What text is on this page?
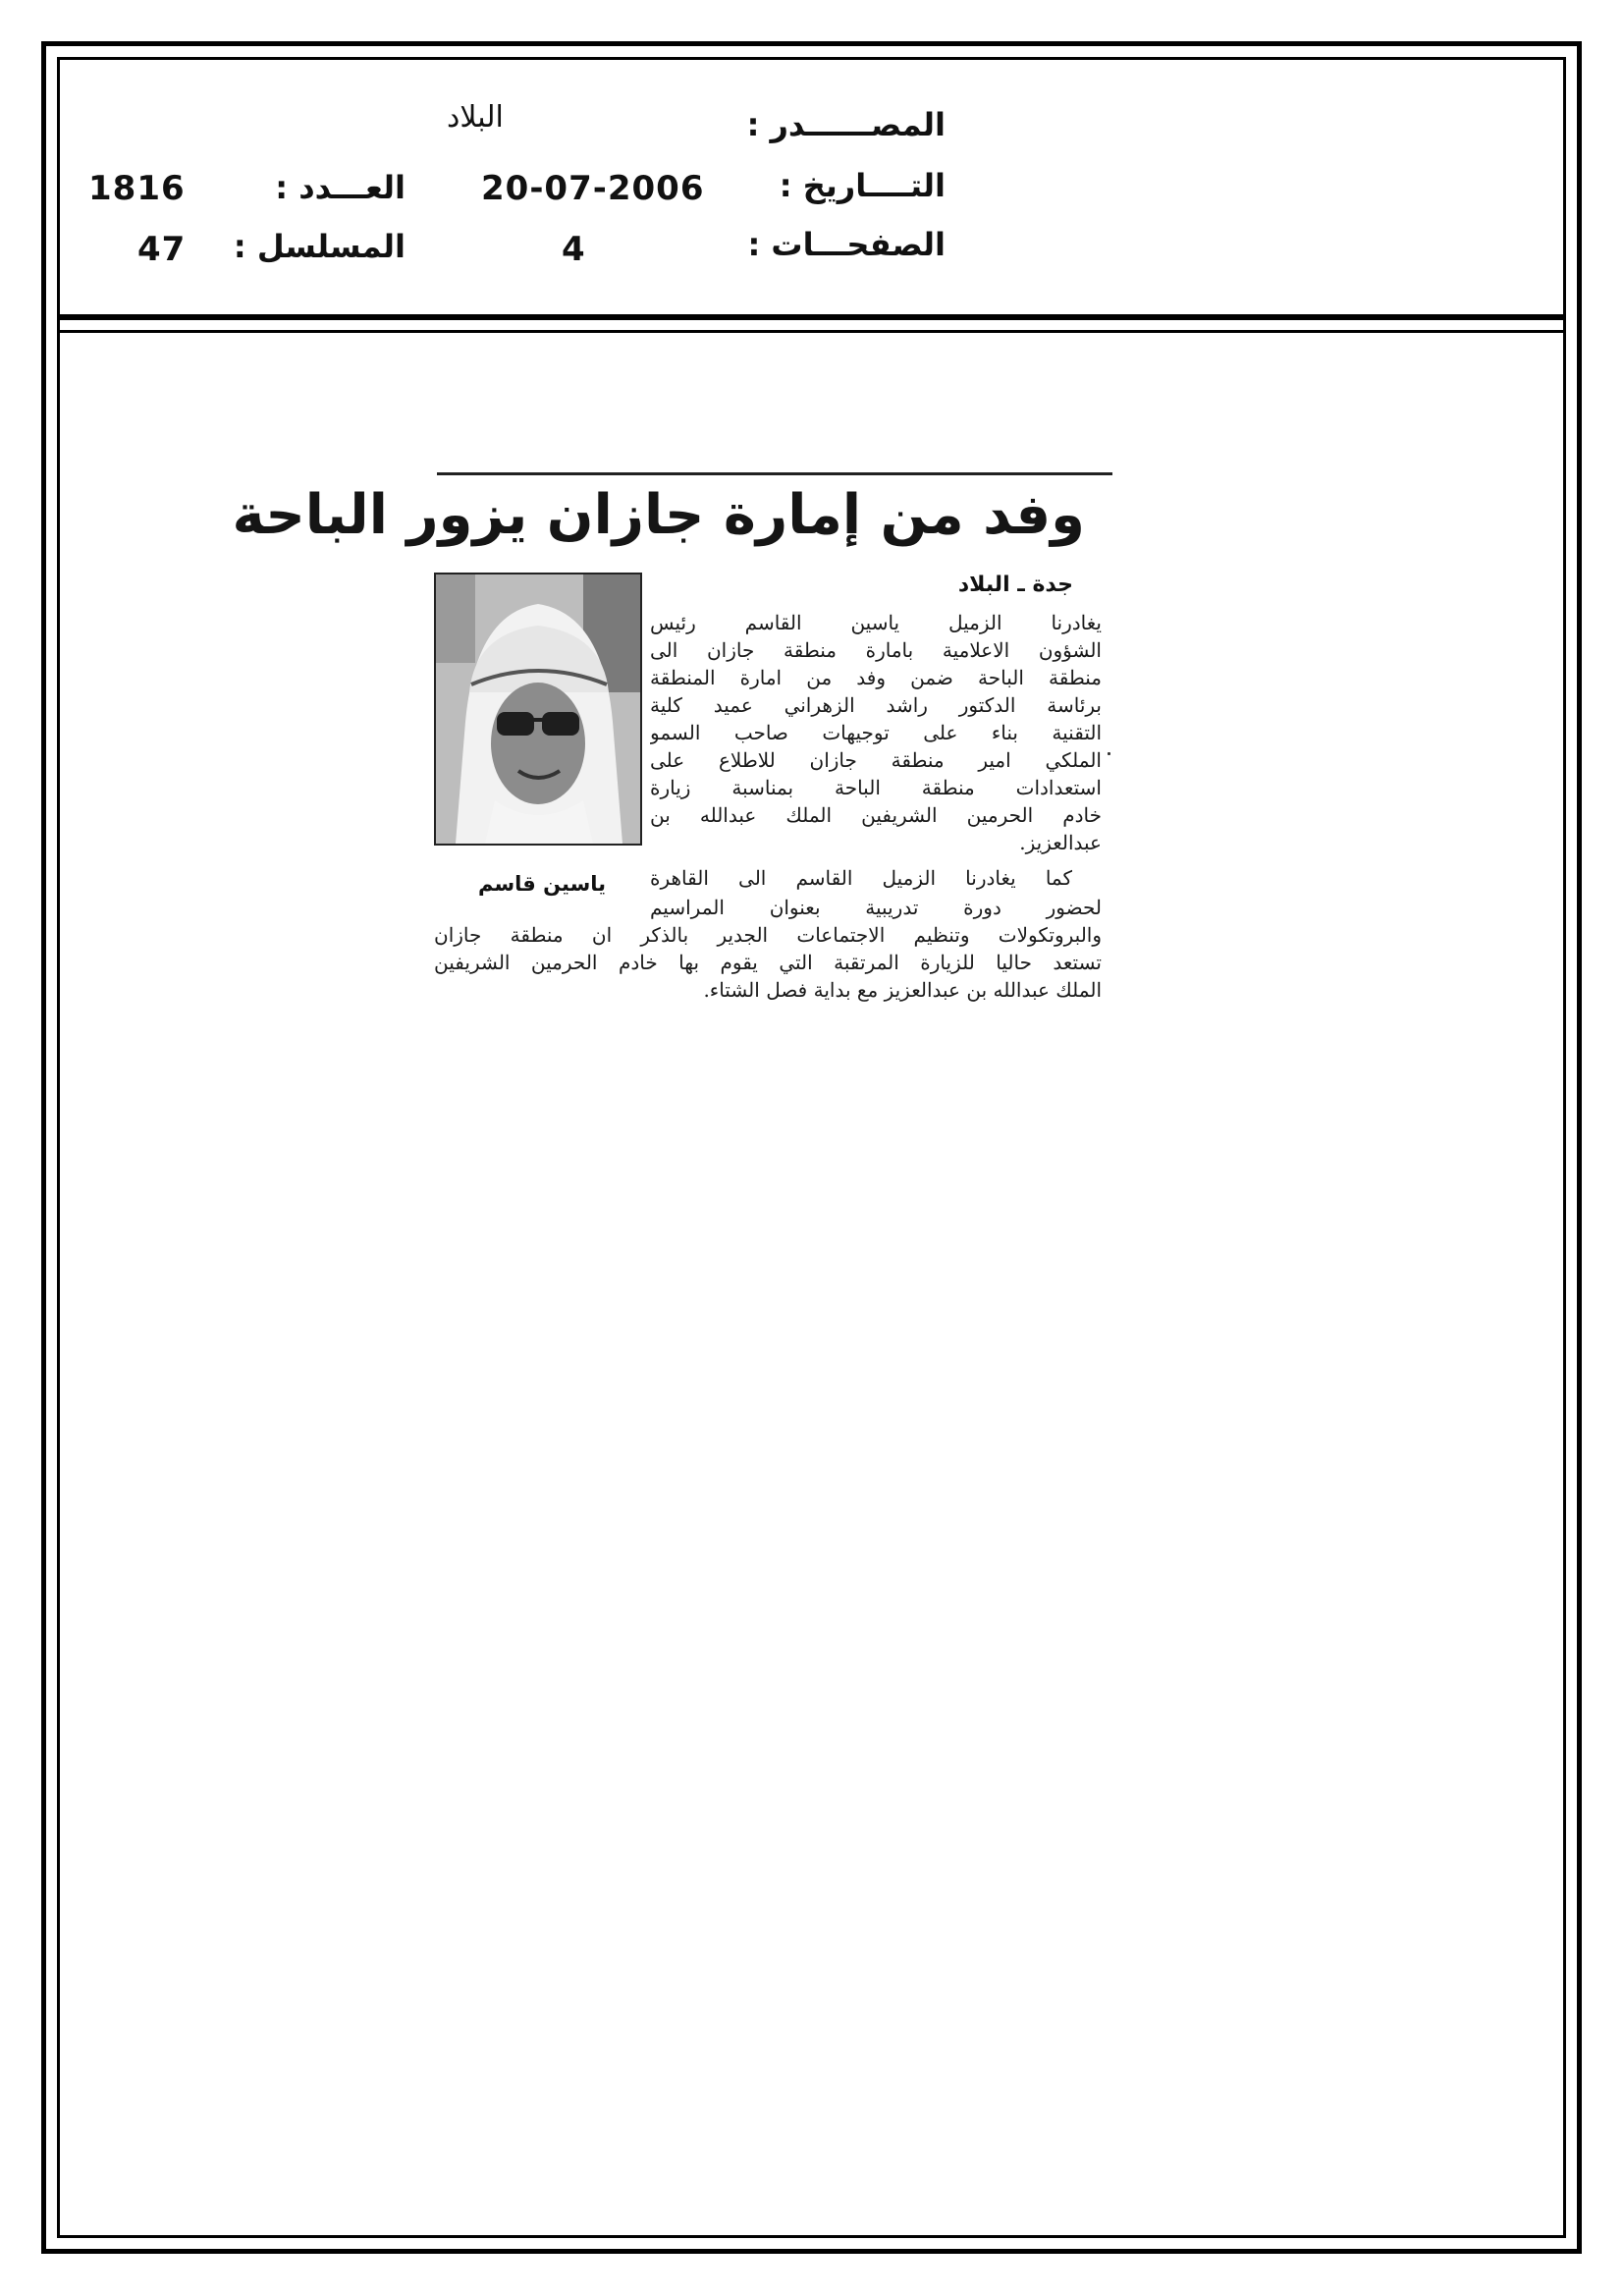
المصــــــدر :
البلاد
التــــاريخ :
20-07-2006
العـــدد :
1816
الصفحـــات :
4
المسلسل :
47
وفد من إمارة جازان يزور الباحة
جدة ـ البلاد
يغادرنا الزميل ياسين القاسم رئيس
الشؤون الاعلامية بامارة منطقة جازان الى
منطقة الباحة ضمن وفد من امارة المنطقة
برئاسة الدكتور راشد الزهراني عميد كلية
التقنية بناء على توجيهات صاحب السمو
الملكي امير منطقة جازان للاطلاع على
استعدادات منطقة الباحة بمناسبة زيارة
خادم الحرمين الشريفين الملك عبدالله بن
عبدالعزيز.
ياسين قاسم كما يغادرنا الزميل القاسم الى القاهرة
لحضور دورة تدريبية بعنوان المراسيم
والبروتكولات وتنظيم الاجتماعات الجدير بالذكر ان منطقة جازان
تستعد حاليا للزيارة المرتقبة التي يقوم بها خادم الحرمين الشريفين
الملك عبدالله بن عبدالعزيز مع بداية فصل الشتاء.
